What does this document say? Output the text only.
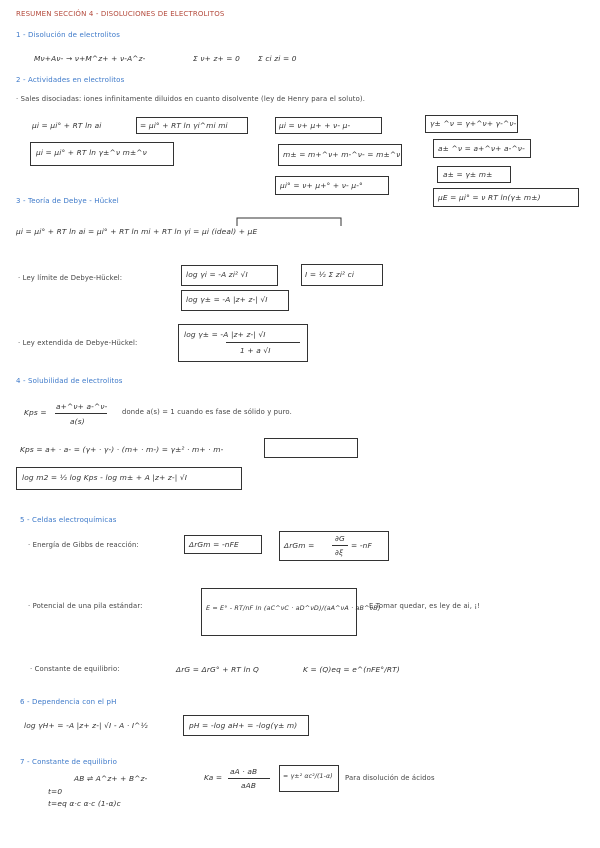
RESUMEN SECCIÓN 4 - DISOLUCIONES DE ELECTROLITOS
1 - Disolución de electrolitos
Mν+Aν- → ν+M^z+ + ν-A^z-	Σ ν+ z+ = 0 Σ ci zi = 0
2 - Actividades en electrolitos
· Sales disociadas: iones infinitamente diluidos en cuanto disolvente (ley de Henry para el soluto).
μi = μi° + RT ln ai	= μi° + RT ln γi^mi mi	μi = ν+ μ+ + ν- μ-	γ± ^ν = γ+^ν+ γ-^ν-
μi = μi° + RT ln γ±^ν m±^ν	m± = m+^ν+ m-^ν- = m±^ν
a± ^ν = a+^ν+ a-^ν-
μi° = ν+ μ+° + ν- μ-°
a± = γ± m±
μE = μi° = ν RT ln(γ± m±)
3 - Teoría de Debye - Hückel
μi = μi° + RT ln ai = μi° + RT ln mi + RT ln γi = μi (ideal) + μE
· Ley límite de Debye-Hückel:	log γi = -A zi² √I
log γ± = -A |z+ z-| √I
I = ½ Σ zi² ci
· Ley extendida de Debye-Hückel:
log γ± = -A |z+ z-| √I
1 + a √I
4 - Solubilidad de electrolitos
Kps =
a+^ν+ a-^ν-
a(s)
donde a(s) = 1 cuando es fase de sólido y puro.
Kps = a+ · a- = (γ+ · γ-) · (m+ · m-) = γ±² · m+ · m-
log m2 = ½ log Kps - log m± + A |z+ z-| √I
5 - Celdas electroquímicas
· Energía de Gibbs de reacción:	ΔrGm = -nFE	ΔrGm =
∂G
∂ξ
= -nF
· Potencial de una pila estándar:	E = E° - RT/nF ln (aC^νC · aD^νD)/(aA^νA · aB^νB)
E Tomar quedar, es ley de ai, ¡!
· Constante de equilibrio:	ΔrG = ΔrG° + RT ln Q	K = (Q)eq = e^(nFE°/RT)
6 - Dependencia con el pH
log γH+ = -A |z+ z-| √I - A · I^½	pH = -log aH+ = -log(γ± m)
7 - Constante de equilibrio
AB ⇌ A^z+ + B^z-
t=0
t=eq α·c α·c (1-α)c
Ka =
aA · aB
aAB
= γ±² αc²/(1-α) Para disolución de ácidos
